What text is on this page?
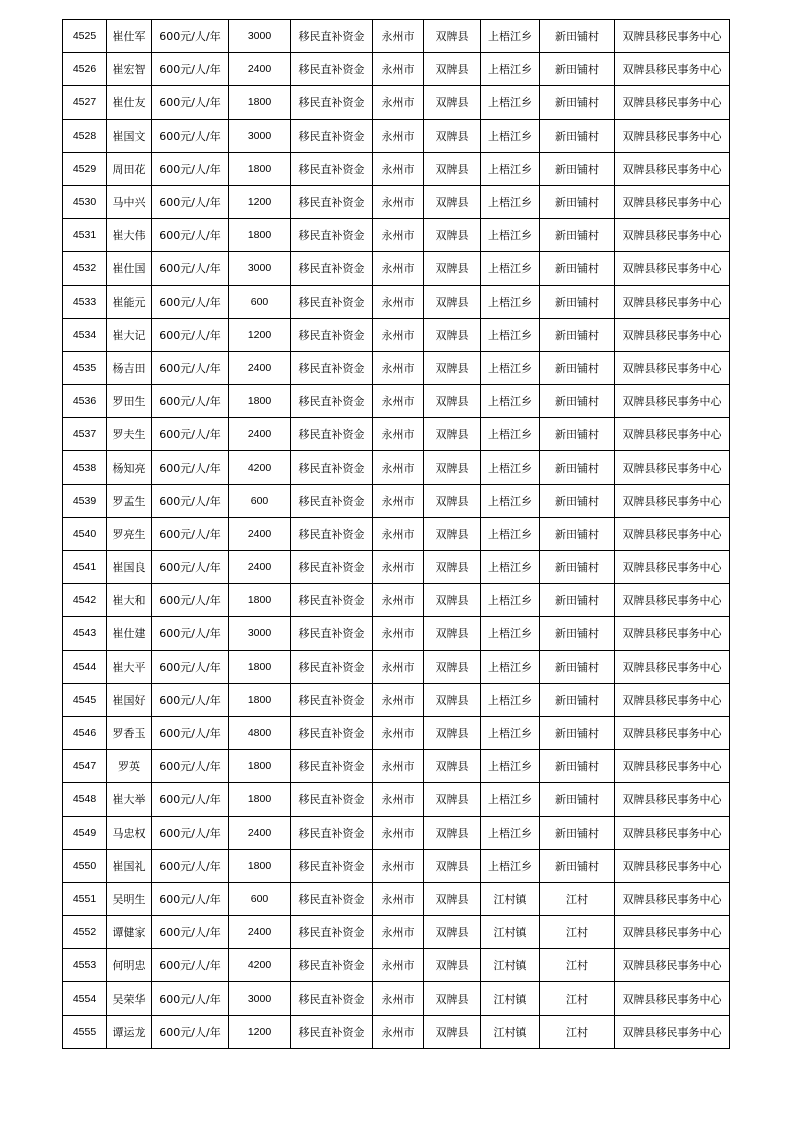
4525	崔仕军	600元/人/年	3000	移民直补资金	永州市	双牌县	上梧江乡	新田铺村	双牌县移民事务中心
4526	崔宏智	600元/人/年	2400	移民直补资金	永州市	双牌县	上梧江乡	新田铺村	双牌县移民事务中心
4527	崔仕友	600元/人/年	1800	移民直补资金	永州市	双牌县	上梧江乡	新田铺村	双牌县移民事务中心
4528	崔国文	600元/人/年	3000	移民直补资金	永州市	双牌县	上梧江乡	新田铺村	双牌县移民事务中心
4529	周田花	600元/人/年	1800	移民直补资金	永州市	双牌县	上梧江乡	新田铺村	双牌县移民事务中心
4530	马中兴	600元/人/年	1200	移民直补资金	永州市	双牌县	上梧江乡	新田铺村	双牌县移民事务中心
4531	崔大伟	600元/人/年	1800	移民直补资金	永州市	双牌县	上梧江乡	新田铺村	双牌县移民事务中心
4532	崔仕国	600元/人/年	3000	移民直补资金	永州市	双牌县	上梧江乡	新田铺村	双牌县移民事务中心
4533	崔能元	600元/人/年	600	移民直补资金	永州市	双牌县	上梧江乡	新田铺村	双牌县移民事务中心
4534	崔大记	600元/人/年	1200	移民直补资金	永州市	双牌县	上梧江乡	新田铺村	双牌县移民事务中心
4535	杨吉田	600元/人/年	2400	移民直补资金	永州市	双牌县	上梧江乡	新田铺村	双牌县移民事务中心
4536	罗田生	600元/人/年	1800	移民直补资金	永州市	双牌县	上梧江乡	新田铺村	双牌县移民事务中心
4537	罗夫生	600元/人/年	2400	移民直补资金	永州市	双牌县	上梧江乡	新田铺村	双牌县移民事务中心
4538	杨知亮	600元/人/年	4200	移民直补资金	永州市	双牌县	上梧江乡	新田铺村	双牌县移民事务中心
4539	罗孟生	600元/人/年	600	移民直补资金	永州市	双牌县	上梧江乡	新田铺村	双牌县移民事务中心
4540	罗亮生	600元/人/年	2400	移民直补资金	永州市	双牌县	上梧江乡	新田铺村	双牌县移民事务中心
4541	崔国良	600元/人/年	2400	移民直补资金	永州市	双牌县	上梧江乡	新田铺村	双牌县移民事务中心
4542	崔大和	600元/人/年	1800	移民直补资金	永州市	双牌县	上梧江乡	新田铺村	双牌县移民事务中心
4543	崔仕建	600元/人/年	3000	移民直补资金	永州市	双牌县	上梧江乡	新田铺村	双牌县移民事务中心
4544	崔大平	600元/人/年	1800	移民直补资金	永州市	双牌县	上梧江乡	新田铺村	双牌县移民事务中心
4545	崔国好	600元/人/年	1800	移民直补资金	永州市	双牌县	上梧江乡	新田铺村	双牌县移民事务中心
4546	罗香玉	600元/人/年	4800	移民直补资金	永州市	双牌县	上梧江乡	新田铺村	双牌县移民事务中心
4547	罗英	600元/人/年	1800	移民直补资金	永州市	双牌县	上梧江乡	新田铺村	双牌县移民事务中心
4548	崔大举	600元/人/年	1800	移民直补资金	永州市	双牌县	上梧江乡	新田铺村	双牌县移民事务中心
4549	马忠权	600元/人/年	2400	移民直补资金	永州市	双牌县	上梧江乡	新田铺村	双牌县移民事务中心
4550	崔国礼	600元/人/年	1800	移民直补资金	永州市	双牌县	上梧江乡	新田铺村	双牌县移民事务中心
4551	吴明生	600元/人/年	600	移民直补资金	永州市	双牌县	江村镇	江村	双牌县移民事务中心
4552	谭健家	600元/人/年	2400	移民直补资金	永州市	双牌县	江村镇	江村	双牌县移民事务中心
4553	何明忠	600元/人/年	4200	移民直补资金	永州市	双牌县	江村镇	江村	双牌县移民事务中心
4554	吴荣华	600元/人/年	3000	移民直补资金	永州市	双牌县	江村镇	江村	双牌县移民事务中心
4555	谭运龙	600元/人/年	1200	移民直补资金	永州市	双牌县	江村镇	江村	双牌县移民事务中心
